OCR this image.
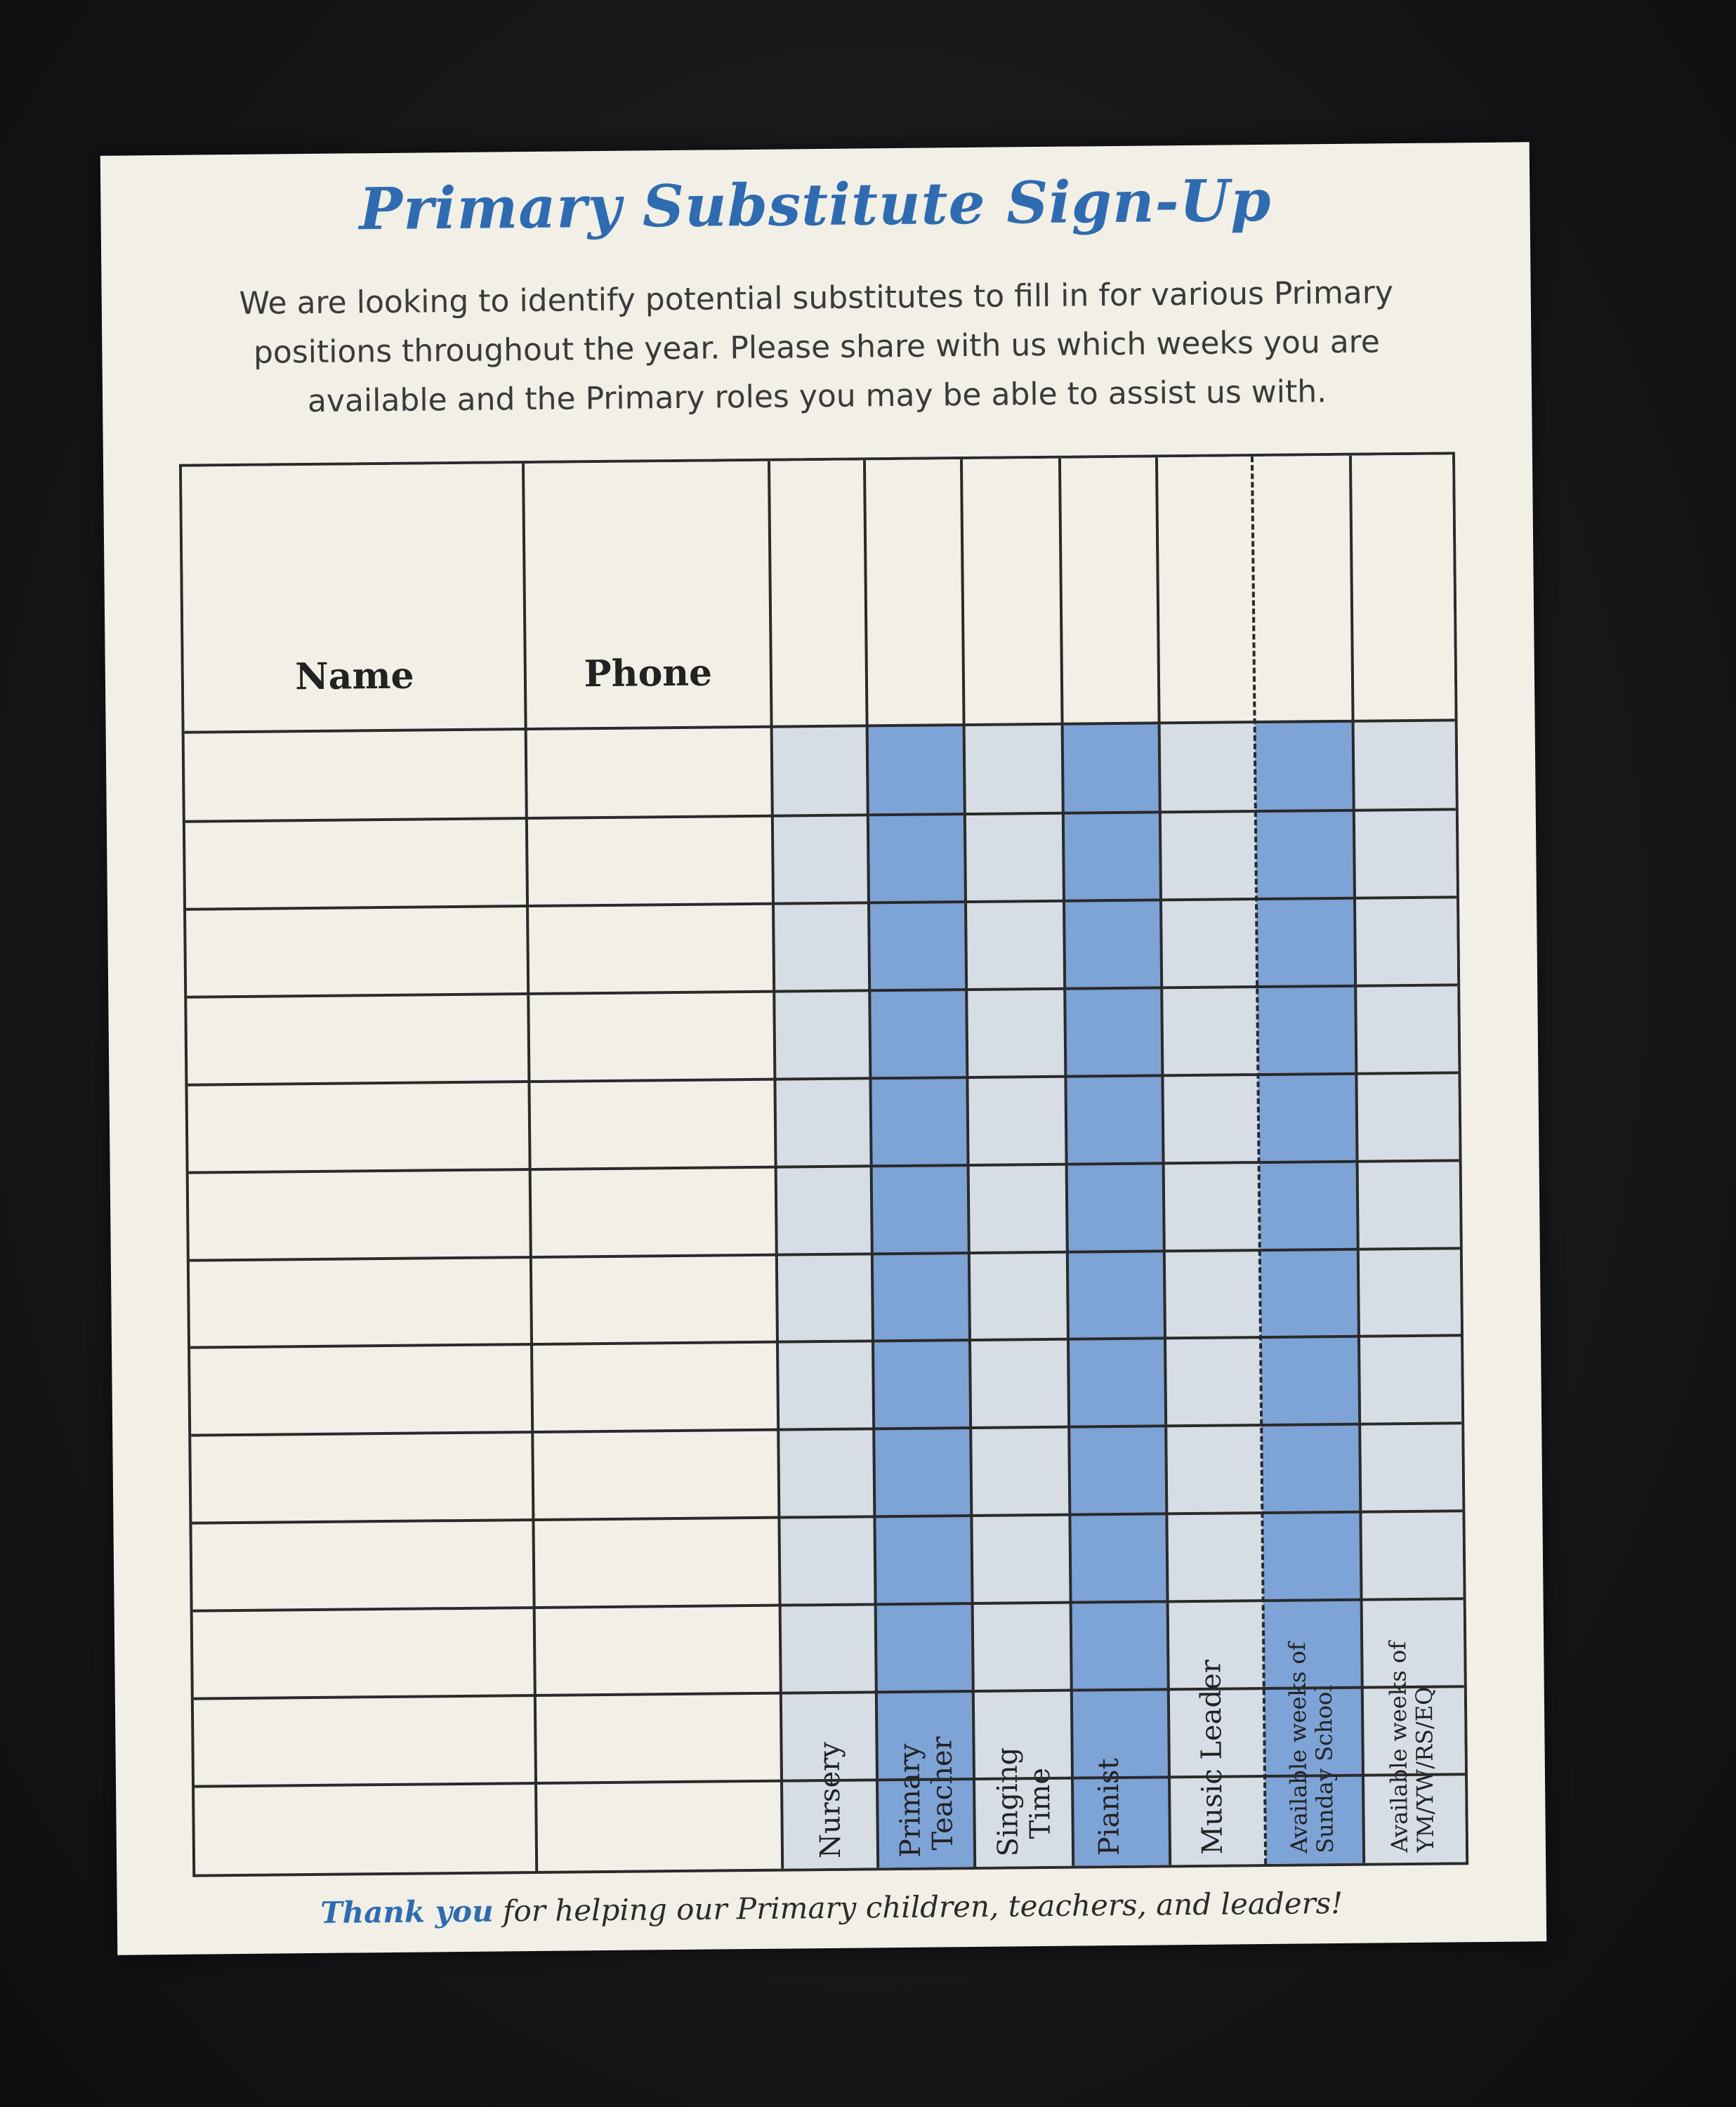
Primary Substitute Sign-Up
We are looking to identify potential substitutes to fill in for various Primary positions throughout the year. Please share with us which weeks you are available and the Primary roles you may be able to assist us with.
Name	Phone
Nursery Primary
Teacher Singing
Time Pianist Music Leader Available weeks of
Sunday School Available weeks of
YM/YW/RS/EQ
Thank you for helping our Primary children, teachers, and leaders!
